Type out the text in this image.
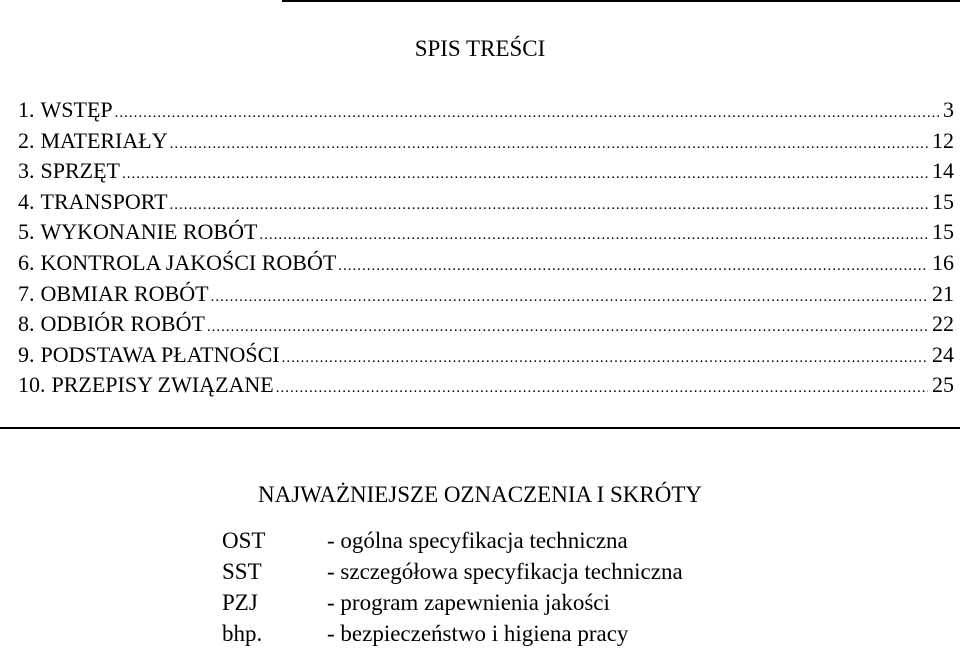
SPIS TREŚCI
1. WSTĘP .....	3
2. MATERIAŁY .....	12
3. SPRZĘT .....	14
4. TRANSPORT .....	15
5. WYKONANIE ROBÓT .....	15
6. KONTROLA JAKOŚCI ROBÓT .....	16
7. OBMIAR ROBÓT .....	21
8. ODBIÓR ROBÓT .....	22
9. PODSTAWA PŁATNOŚCI .....	24
10. PRZEPISY ZWIĄZANE .....	25
NAJWAŻNIEJSZE OZNACZENIA I SKRÓTY
OST	- ogólna specyfikacja techniczna
SST	- szczegółowa specyfikacja techniczna
PZJ	- program zapewnienia jakości
bhp.	- bezpieczeństwo i higiena pracy
